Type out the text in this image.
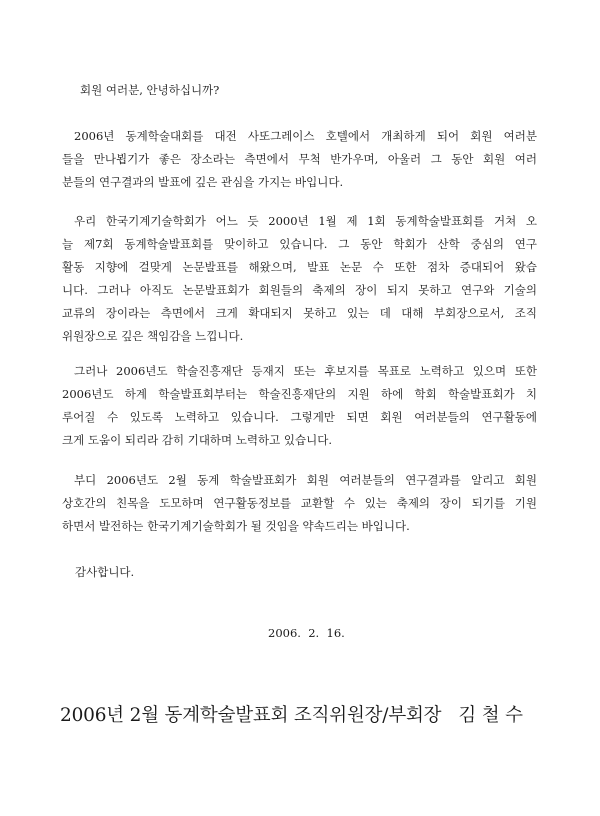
회원 여러분, 안녕하십니까?
2006년 동계학술대회를 대전 사또그레이스 호텔에서 개최하게 되어 회원 여러분
들을 만나뵙기가 좋은 장소라는 측면에서 무척 반가우며, 아울러 그 동안 회원 여러
분들의 연구결과의 발표에 깊은 관심을 가지는 바입니다.
우리 한국기계기술학회가 어느 듯 2000년 1월 제 1회 동계학술발표회를 거쳐 오
늘 제7회 동계학술발표회를 맞이하고 있습니다. 그 동안 학회가 산학 중심의 연구
활동 지향에 걸맞게 논문발표를 해왔으며, 발표 논문 수 또한 점차 증대되어 왔습
니다. 그러나 아직도 논문발표회가 회원들의 축제의 장이 되지 못하고 연구와 기술의
교류의 장이라는 측면에서 크게 확대되지 못하고 있는 데 대해 부회장으로서, 조직
위원장으로 깊은 책임감을 느낍니다.
그러나 2006년도 학술진흥재단 등재지 또는 후보지를 목표로 노력하고 있으며 또한
2006년도 하계 학술발표회부터는 학술진흥재단의 지원 하에 학회 학술발표회가 치
루어질 수 있도록 노력하고 있습니다. 그렇게만 되면 회원 여러분들의 연구활동에
크게 도움이 되리라 감히 기대하며 노력하고 있습니다.
부디 2006년도 2월 동계 학술발표회가 회원 여러분들의 연구결과를 알리고 회원
상호간의 친목을 도모하며 연구활동정보를 교환할 수 있는 축제의 장이 되기를 기원
하면서 발전하는 한국기계기술학회가 될 것임을 약속드리는 바입니다.
감사합니다.
2006.  2.  16.
2006년 2월 동계학술발표회 조직위원장/부회장   김 철 수
